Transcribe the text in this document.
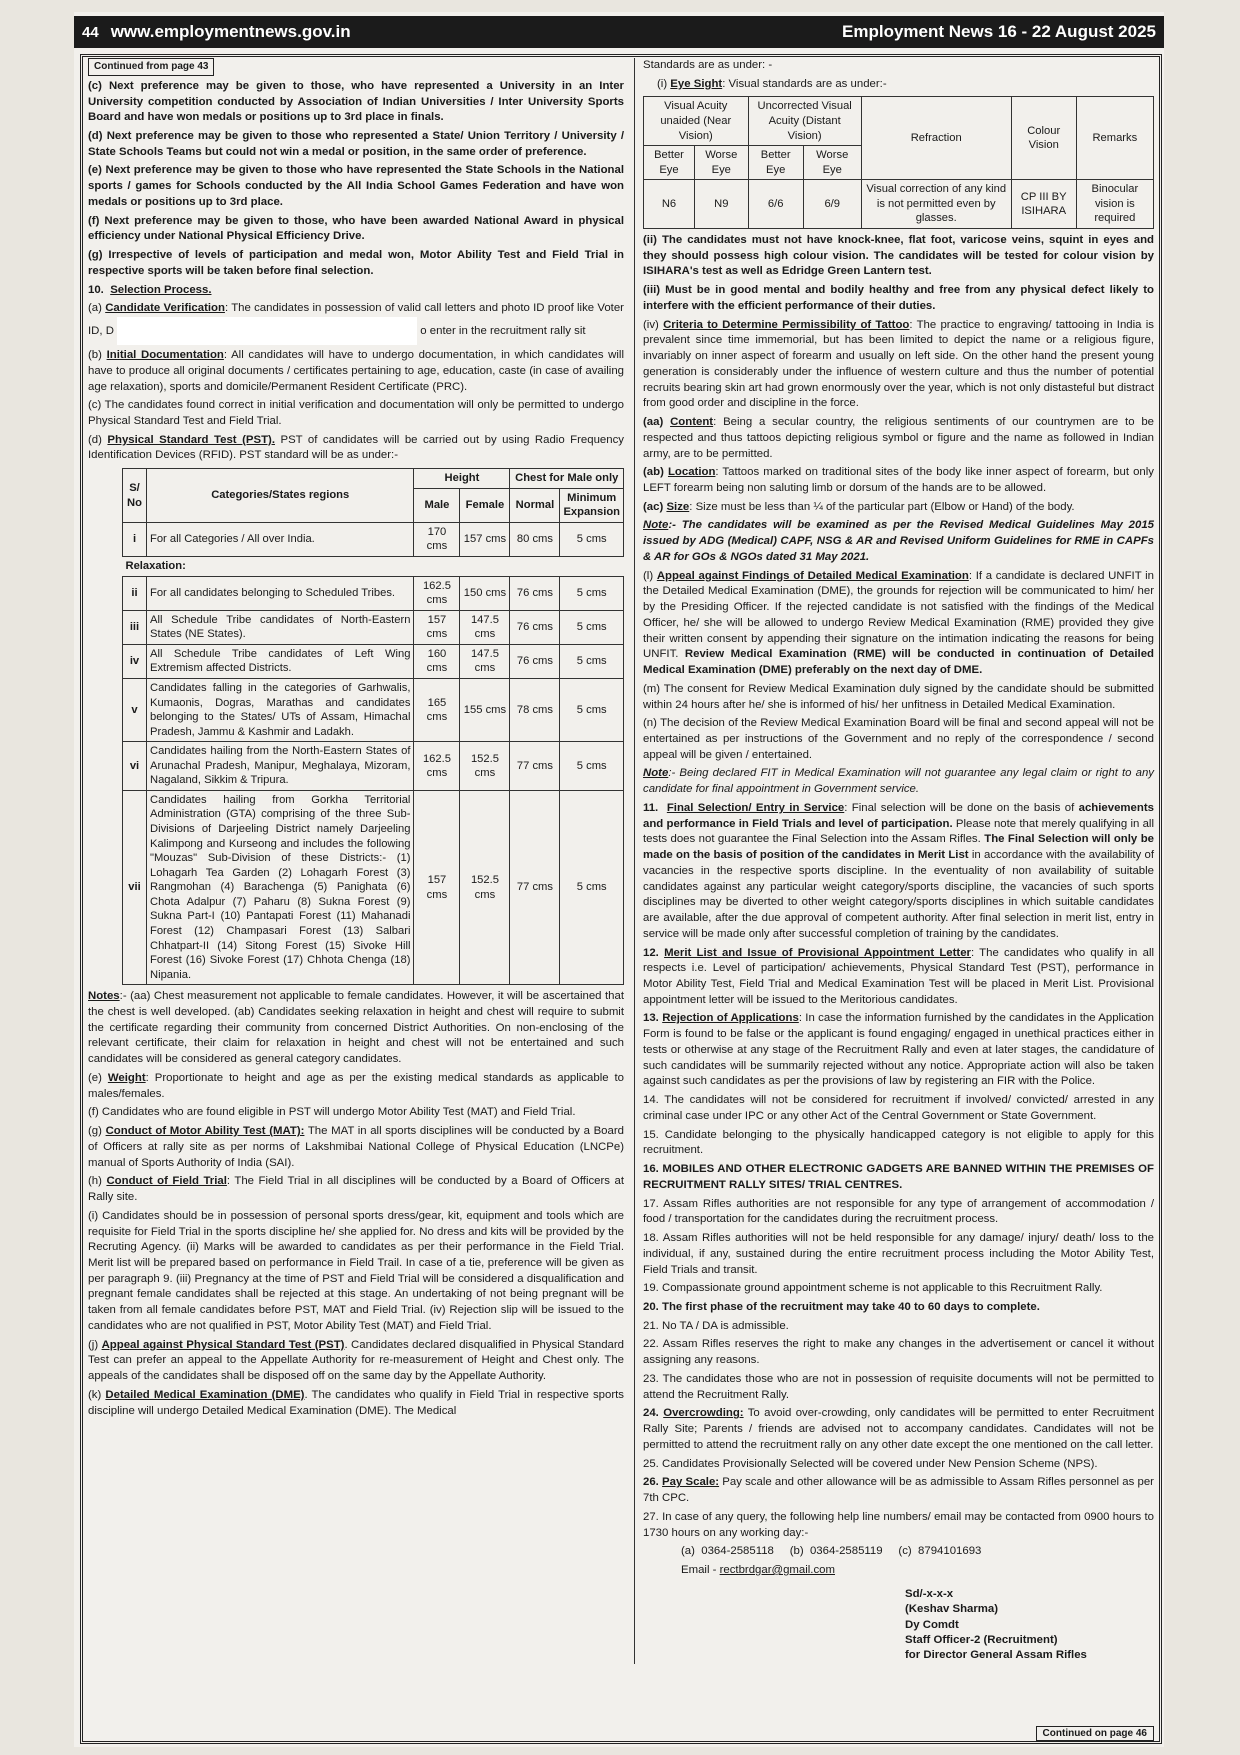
44 www.employmentnews.gov.in	Employment News 16 - 22 August 2025
Continued from page 43

(c) Next preference may be given to those, who have represented a University in an Inter University competition conducted by Association of Indian Universities / Inter University Sports Board and have won medals or positions up to 3rd place in finals.

(d) Next preference may be given to those who represented a State/ Union Territory / University / State Schools Teams but could not win a medal or position, in the same order of preference.

(e) Next preference may be given to those who have represented the State Schools in the National sports / games for Schools conducted by the All India School Games Federation and have won medals or positions up to 3rd place.

(f) Next preference may be given to those, who have been awarded National Award in physical efficiency under National Physical Efficiency Drive.

(g) Irrespective of levels of participation and medal won, Motor Ability Test and Field Trial in respective sports will be taken before final selection.

10. Selection Process.

(a) Candidate Verification: The candidates in possession of valid call letters and photo ID proof like Voter ID, D	o enter in the recruitment rally sit

(b) Initial Documentation: All candidates will have to undergo documentation, in which candidates will have to produce all original documents / certificates pertaining to age, education, caste (in case of availing age relaxation), sports and domicile/Permanent Resident Certificate (PRC).

(c) The candidates found correct in initial verification and documentation will only be permitted to undergo Physical Standard Test and Field Trial.

(d) Physical Standard Test (PST). PST of candidates will be carried out by using Radio Frequency Identification Devices (RFID). PST standard will be as under:-

S/ No	Categories/States regions	Height		Chest for Male only	
		Male	Female	Normal	Minimum Expansion
i	For all Categories / All over India.	170 cms	157 cms	80 cms	5 cms
Relaxation:					
ii	For all candidates belonging to Scheduled Tribes.	162.5 cms	150 cms	76 cms	5 cms
iii	All Schedule Tribe candidates of North-Eastern States (NE States).	157 cms	147.5 cms	76 cms	5 cms
iv	All Schedule Tribe candidates of Left Wing Extremism affected Districts.	160 cms	147.5 cms	76 cms	5 cms
v	Candidates falling in the categories of Garhwalis, Kumaonis, Dogras, Marathas and candidates belonging to the States/ UTs of Assam, Himachal Pradesh, Jammu & Kashmir and Ladakh.	165 cms	155 cms	78 cms	5 cms
vi	Candidates hailing from the North-Eastern States of Arunachal Pradesh, Manipur, Meghalaya, Mizoram, Nagaland, Sikkim & Tripura.	162.5 cms	152.5 cms	77 cms	5 cms
vii	Candidates hailing from Gorkha Territorial Administration (GTA) comprising of the three Sub-Divisions of Darjeeling District namely Darjeeling Kalimpong and Kurseong and includes the following "Mouzas" Sub-Division of these Districts:- (1) Lohagarh Tea Garden (2) Lohagarh Forest (3) Rangmohan (4) Barachenga (5) Panighata (6) Chota Adalpur (7) Paharu (8) Sukna Forest (9) Sukna Part-I (10) Pantapati Forest (11) Mahanadi Forest (12) Champasari Forest (13) Salbari Chhatpart-II (14) Sitong Forest (15) Sivoke Hill Forest (16) Sivoke Forest (17) Chhota Chenga (18) Nipania.	157 cms	152.5 cms	77 cms	5 cms

Notes:- (aa) Chest measurement not applicable to female candidates. However, it will be ascertained that the chest is well developed. (ab) Candidates seeking relaxation in height and chest will require to submit the certificate regarding their community from concerned District Authorities. On non-enclosing of the relevant certificate, their claim for relaxation in height and chest will not be entertained and such candidates will be considered as general category candidates.

(e) Weight: Proportionate to height and age as per the existing medical standards as applicable to males/females.

(f) Candidates who are found eligible in PST will undergo Motor Ability Test (MAT) and Field Trial.

(g) Conduct of Motor Ability Test (MAT): The MAT in all sports disciplines will be conducted by a Board of Officers at rally site as per norms of Lakshmibai National College of Physical Education (LNCPe) manual of Sports Authority of India (SAI).

(h) Conduct of Field Trial: The Field Trial in all disciplines will be conducted by a Board of Officers at Rally site.

(i) Candidates should be in possession of personal sports dress/gear, kit, equipment and tools which are requisite for Field Trial in the sports discipline he/ she applied for. No dress and kits will be provided by the Recruting Agency. (ii) Marks will be awarded to candidates as per their performance in the Field Trial. Merit list will be prepared based on performance in Field Trail. In case of a tie, preference will be given as per paragraph 9. (iii) Pregnancy at the time of PST and Field Trial will be considered a disqualification and pregnant female candidates shall be rejected at this stage. An undertaking of not being pregnant will be taken from all female candidates before PST, MAT and Field Trial. (iv) Rejection slip will be issued to the candidates who are not qualified in PST, Motor Ability Test (MAT) and Field Trial.

(j) Appeal against Physical Standard Test (PST). Candidates declared disqualified in Physical Standard Test can prefer an appeal to the Appellate Authority for re-measurement of Height and Chest only. The appeals of the candidates shall be disposed off on the same day by the Appellate Authority.

(k) Detailed Medical Examination (DME). The candidates who qualify in Field Trial in respective sports discipline will undergo Detailed Medical Examination (DME). The Medical

Standards are as under: -

(i) Eye Sight: Visual standards are as under:-

Visual Acuity unaided (Near Vision)		Uncorrected Visual Acuity (Distant Vision)		Refraction	Colour Vision	Remarks
Better Eye	Worse Eye	Better Eye	Worse Eye			
N6	N9	6/6	6/9	Visual correction of any kind is not permitted even by glasses.	CP III BY ISIHARA	Binocular vision is required

(ii) The candidates must not have knock-knee, flat foot, varicose veins, squint in eyes and they should possess high colour vision. The candidates will be tested for colour vision by ISIHARA's test as well as Edridge Green Lantern test.

(iii) Must be in good mental and bodily healthy and free from any physical defect likely to interfere with the efficient performance of their duties.

(iv) Criteria to Determine Permissibility of Tattoo: The practice to engraving/ tattooing in India is prevalent since time immemorial, but has been limited to depict the name or a religious figure, invariably on inner aspect of forearm and usually on left side. On the other hand the present young generation is considerably under the influence of western culture and thus the number of potential recruits bearing skin art had grown enormously over the year, which is not only distasteful but distract from good order and discipline in the force.

(aa) Content: Being a secular country, the religious sentiments of our countrymen are to be respected and thus tattoos depicting religious symbol or figure and the name as followed in Indian army, are to be permitted.

(ab) Location: Tattoos marked on traditional sites of the body like inner aspect of forearm, but only LEFT forearm being non saluting limb or dorsum of the hands are to be allowed.

(ac) Size: Size must be less than ¼ of the particular part (Elbow or Hand) of the body.

Note:- The candidates will be examined as per the Revised Medical Guidelines May 2015 issued by ADG (Medical) CAPF, NSG & AR and Revised Uniform Guidelines for RME in CAPFs & AR for GOs & NGOs dated 31 May 2021.

(l) Appeal against Findings of Detailed Medical Examination: If a candidate is declared UNFIT in the Detailed Medical Examination (DME), the grounds for rejection will be communicated to him/ her by the Presiding Officer. If the rejected candidate is not satisfied with the findings of the Medical Officer, he/ she will be allowed to undergo Review Medical Examination (RME) provided they give their written consent by appending their signature on the intimation indicating the reasons for being UNFIT. Review Medical Examination (RME) will be conducted in continuation of Detailed Medical Examination (DME) preferably on the next day of DME.

(m) The consent for Review Medical Examination duly signed by the candidate should be submitted within 24 hours after he/ she is informed of his/ her unfitness in Detailed Medical Examination.

(n) The decision of the Review Medical Examination Board will be final and second appeal will not be entertained as per instructions of the Government and no reply of the correspondence / second appeal will be given / entertained.

Note:- Being declared FIT in Medical Examination will not guarantee any legal claim or right to any candidate for final appointment in Government service.

11. Final Selection/ Entry in Service: Final selection will be done on the basis of achievements and performance in Field Trials and level of participation. Please note that merely qualifying in all tests does not guarantee the Final Selection into the Assam Rifles. The Final Selection will only be made on the basis of position of the candidates in Merit List in accordance with the availability of vacancies in the respective sports discipline. In the eventuality of non availability of suitable candidates against any particular weight category/sports discipline, the vacancies of such sports disciplines may be diverted to other weight category/sports disciplines in which suitable candidates are available, after the due approval of competent authority. After final selection in merit list, entry in service will be made only after successful completion of training by the candidates.

12. Merit List and Issue of Provisional Appointment Letter: The candidates who qualify in all respects i.e. Level of participation/ achievements, Physical Standard Test (PST), performance in Motor Ability Test, Field Trial and Medical Examination Test will be placed in Merit List. Provisional appointment letter will be issued to the Meritorious candidates.

13. Rejection of Applications: In case the information furnished by the candidates in the Application Form is found to be false or the applicant is found engaging/ engaged in unethical practices either in tests or otherwise at any stage of the Recruitment Rally and even at later stages, the candidature of such candidates will be summarily rejected without any notice. Appropriate action will also be taken against such candidates as per the provisions of law by registering an FIR with the Police.

14. The candidates will not be considered for recruitment if involved/ convicted/ arrested in any criminal case under IPC or any other Act of the Central Government or State Government.

15. Candidate belonging to the physically handicapped category is not eligible to apply for this recruitment.

16. MOBILES AND OTHER ELECTRONIC GADGETS ARE BANNED WITHIN THE PREMISES OF RECRUITMENT RALLY SITES/ TRIAL CENTRES.

17. Assam Rifles authorities are not responsible for any type of arrangement of accommodation / food / transportation for the candidates during the recruitment process.

18. Assam Rifles authorities will not be held responsible for any damage/ injury/ death/ loss to the individual, if any, sustained during the entire recruitment process including the Motor Ability Test, Field Trials and transit.

19. Compassionate ground appointment scheme is not applicable to this Recruitment Rally.

20. The first phase of the recruitment may take 40 to 60 days to complete.

21. No TA / DA is admissible.

22. Assam Rifles reserves the right to make any changes in the advertisement or cancel it without assigning any reasons.

23. The candidates those who are not in possession of requisite documents will not be permitted to attend the Recruitment Rally.

24. Overcrowding: To avoid over-crowding, only candidates will be permitted to enter Recruitment Rally Site; Parents / friends are advised not to accompany candidates. Candidates will not be permitted to attend the recruitment rally on any other date except the one mentioned on the call letter.

25. Candidates Provisionally Selected will be covered under New Pension Scheme (NPS).

26. Pay Scale: Pay scale and other allowance will be as admissible to Assam Rifles personnel as per 7th CPC.

27. In case of any query, the following help line numbers/ email may be contacted from 0900 hours to 1730 hours on any working day:-

(a)  0364-2585118     (b)  0364-2585119     (c)  8794101693

Email - rectbrdgar@gmail.com

Sd/-x-x-x
(Keshav Sharma)
Dy Comdt
Staff Officer-2 (Recruitment)
for Director General Assam Rifles
Continued on page 46
